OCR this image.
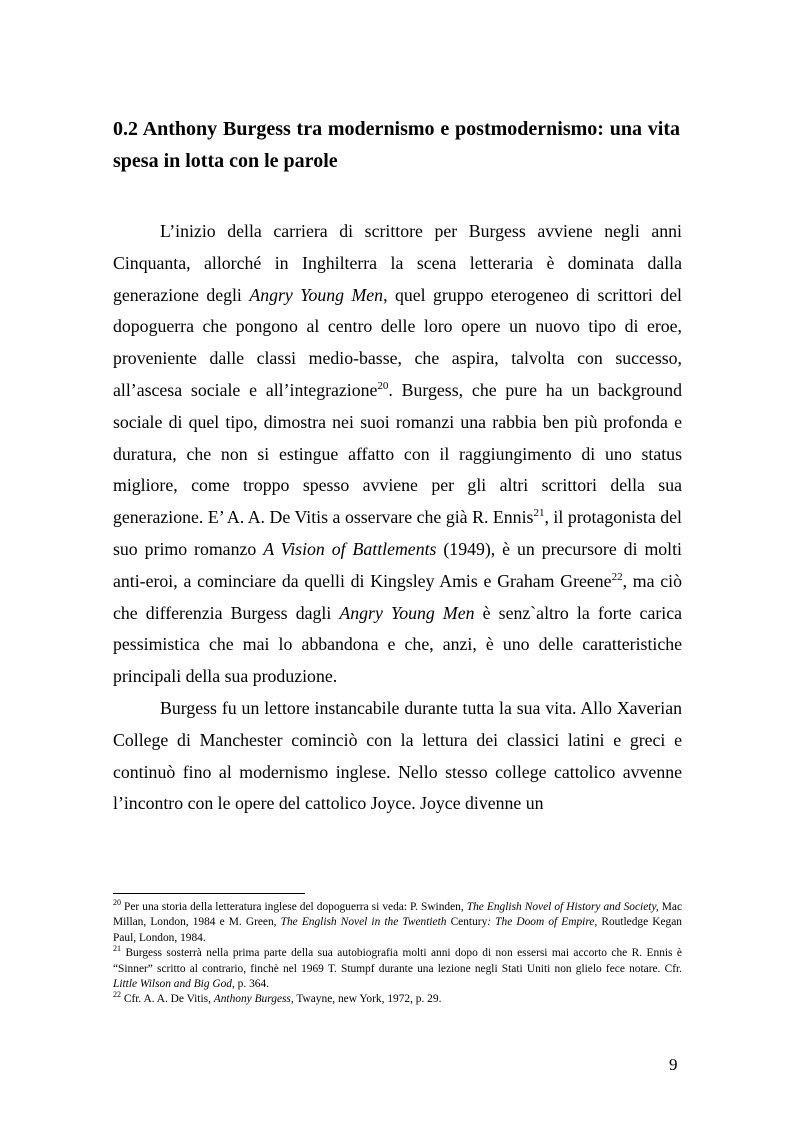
0.2 Anthony Burgess tra modernismo e postmodernismo: una vita spesa in lotta con le parole

L’inizio della carriera di scrittore per Burgess avviene negli anni Cinquanta, allorché in Inghilterra la scena letteraria è dominata dalla generazione degli Angry Young Men, quel gruppo eterogeneo di scrittori del dopoguerra che pongono al centro delle loro opere un nuovo tipo di eroe, proveniente dalle classi medio-basse, che aspira, talvolta con successo, all’ascesa sociale e all’integrazione$^{20}$. Burgess, che pure ha un background sociale di quel tipo, dimostra nei suoi romanzi una rabbia ben più profonda e duratura, che non si estingue affatto con il raggiungimento di uno status migliore, come troppo spesso avviene per gli altri scrittori della sua generazione. E’ A. A. De Vitis a osservare che già R. Ennis$^{21}$, il protagonista del suo primo romanzo A Vision of Battlements (1949), è un precursore di molti anti-eroi, a cominciare da quelli di Kingsley Amis e Graham Greene$^{22}$, ma ciò che differenzia Burgess dagli Angry Young Men è senz`altro la forte carica pessimistica che mai lo abbandona e che, anzi, è uno delle caratteristiche principali della sua produzione.

Burgess fu un lettore instancabile durante tutta la sua vita. Allo Xaverian College di Manchester cominciò con la lettura dei classici latini e greci e continuò fino al modernismo inglese. Nello stesso college cattolico avvenne l’incontro con le opere del cattolico Joyce. Joyce divenne un

$^{20}$ Per una storia della letteratura inglese del dopoguerra si veda: P. Swinden, The English Novel of History and Society, Mac Millan, London, 1984 e M. Green, The English Novel in the Twentieth Century: The Doom of Empire, Routledge Kegan Paul, London, 1984.

$^{21}$ Burgess sosterrà nella prima parte della sua autobiografia molti anni dopo di non essersi mai accorto che R. Ennis è “Sinner” scritto al contrario, finchè nel 1969 T. Stumpf durante una lezione negli Stati Uniti non glielo fece notare. Cfr. Little Wilson and Big God, p. 364.

$^{22}$ Cfr. A. A. De Vitis, Anthony Burgess, Twayne, new York, 1972, p. 29.

9
